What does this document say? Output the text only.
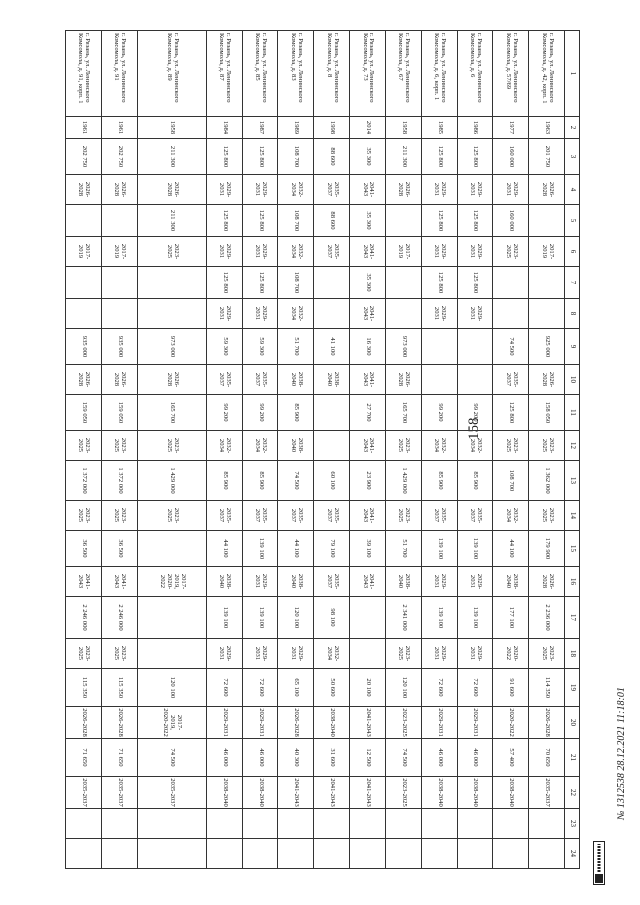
158
1	2	3	4	5	6	7	8	9	10	11	12	13	14	15	16	17	18	19	20	21	22	23	24
г. Рязань, ул. Ленинского Комсомола, д. 42, корп. 1	1963	201 750	2026-2028		2017-2019			925 000	2026-2028	158 050	2023-2025	1 362 000	2023-2025	179 900	2026-2028	2 236 000	2023-2025	114 350	2026-2028	70 650	2035-2037		
г. Рязань, ул. Ленинского Комсомола, д. 57/69	1977	160 000	2029-2031	160 000	2023-2025			74 500	2035-2037	125 800	2023-2025	108 700	2032-2034	44 100	2038-2040	177 100	2020-2022	91 600	2020-2022	57 400	2038-2040		
г. Рязань, ул. Ленинского Комсомола, д. 6	1986	125 800	2029-2031	125 800	2029-2031	125 800	2029-2031			99 200	2032-2034	85 900	2035-2037	139 100	2029-2031	139 100	2029-2031	72 600	2029-2031	46 000	2038-2040		
г. Рязань, ул. Ленинского Комсомола, д. 6, корп. 1	1985	125 800	2029-2031	125 800	2029-2031	125 800	2029-2031			99 200	2032-2034	85 900	2035-2037	139 100	2029-2031	139 100	2029-2031	72 600	2029-2031	46 000	2038-2040		
г. Рязань, ул. Ленинского Комсомола, д. 67	1958	211 300	2026-2028		2017-2019			973 000	2026-2028	165 700	2023-2025	1 429 000	2023-2025	51 700	2038-2040	2 341 000	2023-2025	120 100	2023-2025	74 500	2023-2025		
г. Рязань, ул. Ленинского Комсомола, д. 73	2014	35 300	2041-2043	35 300	2041-2043	35 300	2041-2043	16 300	2041-2043	27 700	2041-2043	23 900	2041-2043	39 100	2041-2043			20 100	2041-2043	12 500	2041-2043		
г. Рязань, ул. Ленинского Комсомола, д. 8	1998	88 600	2035-2037	88 600	2035-2037			41 100	2038-2040			60 100	2035-2037	79 100	2035-2037	98 100	2032-2034	50 600	2038-2040	31 600	2041-2043		
г. Рязань, ул. Ленинского Комсомола, д. 83	1989	108 700	2032-2034	108 700	2032-2034	108 700	2032-2034	51 700	2038-2040	85 900	2038-2040	74 500	2035-2037	44 100	2038-2040	120 100	2029-2031	65 100	2026-2028	40 300	2041-2043		
г. Рязань, ул. Ленинского Комсомола, д. 85	1987	125 800	2029-2031	125 800	2029-2031	125 800	2029-2031	59 300	2035-2037	99 200	2032-2034	85 900	2035-2037	139 100	2029-2031	139 100	2029-2031	72 600	2029-2031	46 000	2038-2040		
г. Рязань, ул. Ленинского Комсомола, д. 87	1984	125 800	2029-2031	125 800	2029-2031	125 800	2029-2031	59 300	2035-2037	99 200	2032-2034	85 900	2035-2037	44 100	2038-2040	139 100	2029-2031	72 600	2029-2031	46 000	2038-2040		
г. Рязань, ул. Ленинского Комсомола, д. 89	1958	211 300	2026-2028	211 300	2023-2025			973 000	2026-2028	165 700	2023-2025	1 429 000	2023-2025		2017-2019, 2020-2022			120 100	2017-2019, 2020-2022	74 500	2035-2037		
г. Рязань, ул. Ленинского Комсомола, д. 91	1961	202 750	2026-2028		2017-2019			935 000	2026-2028	159 050	2023-2025	1 372 000	2023-2025	36 500	2041-2043	2 246 000	2023-2025	115 350	2026-2028	71 650	2035-2037		
г. Рязань, ул. Ленинского Комсомола, д. 91, корп. 1	1961	202 750	2026-2028		2017-2019			935 000	2026-2028	159 050	2023-2025	1 372 000	2023-2025	36 500	2041-2043	2 246 000	2023-2025	115 350	2026-2028	71 650	2035-2037			№ 1312538 28.12.2021 11:18:01
